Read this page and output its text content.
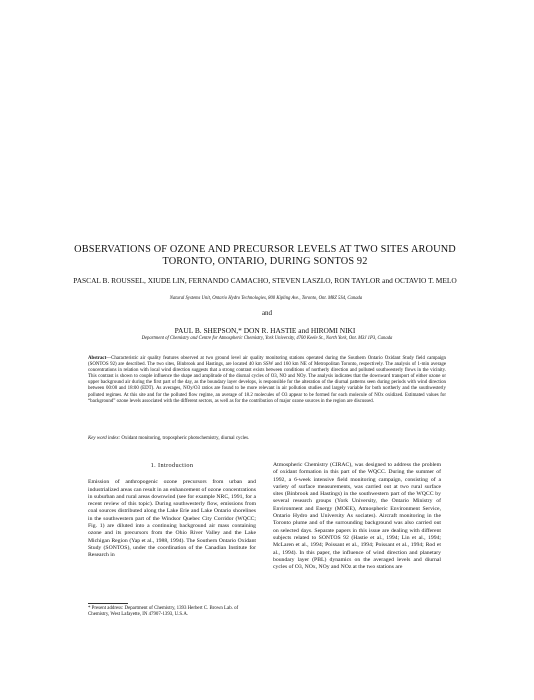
OBSERVATIONS OF OZONE AND PRECURSOR LEVELS AT TWO SITES AROUND TORONTO, ONTARIO, DURING SONTOS 92
PASCAL B. ROUSSEL, XIUDE LIN, FERNANDO CAMACHO, STEVEN LASZLO, RON TAYLOR and OCTAVIO T. MELO
Natural Systems Unit, Ontario Hydro Technologies, 800 Kipling Ave., Toronto, Ont. M8Z 5S4, Canada
and
PAUL B. SHEPSON,* DON R. HASTIE and HIROMI NIKI
Department of Chemistry and Centre for Atmospheric Chemistry, York University, 4700 Keele St., North York, Ont. M3J 1P3, Canada
Abstract—Characteristic air quality features observed at two ground level air quality monitoring stations operated during the Southern Ontario Oxidant Study field campaign (SONTOS 92) are described. The two sites, Binbrook and Hastings, are located 40 km SSW and 160 km NE of Metropolitan Toronto, respectively. The analysis of 1-min average concentrations in relation with local wind direction suggests that a strong contrast exists between conditions of northerly direction and polluted southwesterly flows in the vicinity. This contrast is shown to couple influence the shape and amplitude of the diurnal cycles of O3, NO and NOy. The analysis indicates that the downward transport of either ozone or upper background air during the first part of the day, as the boundary layer develops, is responsible for the alteration of the diurnal patterns seen during periods with wind direction between 00:00 and 18:00 (EDT). As averages, NOy/O3 ratios are found to be more relevant in air pollution studies and largely variable for both northerly and the southwesterly polluted regimes. At this site and for the polluted flow regime, an average of 18.2 molecules of O3 appear to be formed for each molecule of NOx oxidized. Estimated values for “background” ozone levels associated with the different sectors, as well as for the contribution of major ozone sources in the region are discussed.
Key word index: Oxidant monitoring, tropospheric photochemistry, diurnal cycles.
1. Introduction

Emission of anthropogenic ozone precursors from urban and industrialized areas can result in an enhancement of ozone concentrations in suburban and rural areas downwind (see for example NRC, 1991, for a recent review of this topic). During southwesterly flow, emissions from coal sources distributed along the Lake Erie and Lake Ontario shorelines in the southwestern part of the Windsor Quebec City Corridor (WQCC; Fig. 1) are diluted into a continuing background air mass containing ozone and its precursors from the Ohio River Valley and the Lake Michigan Region (Yap et al., 1988, 1994). The Southern Ontario Oxidant Study (SONTOS), under the coordination of the Canadian Institute for Research in

Atmospheric Chemistry (CIRAC), was designed to address the problem of oxidant formation in this part of the WQCC. During the summer of 1992, a 6-week intensive field monitoring campaign, consisting of a variety of surface measurements, was carried out at two rural surface sites (Binbrook and Hastings) in the southwestern part of the WQCC by several research groups (York University, the Ontario Ministry of Environment and Energy (MOEE), Atmospheric Environment Service, Ontario Hydro and University As sociates). Aircraft monitoring in the Toronto plume and of the surrounding background was also carried out on selected days. Separate papers in this issue are dealing with different subjects related to SONTOS 92 (Hastie et al., 1994; Lin et al., 1994; McLaren et al., 1994; Poissant et al., 1994; Poissant et al., 1994; Rod et al., 1994). In this paper, the influence of wind direction and planetary boundary layer (PBL) dynamics on the averaged levels and diurnal cycles of O3, NOx, NOy and NOz at the two stations are

* Present address: Department of Chemistry, 1393 Herbert C. Brown Lab. of Chemistry, West Lafayette, IN 47907-1393, U.S.A.
